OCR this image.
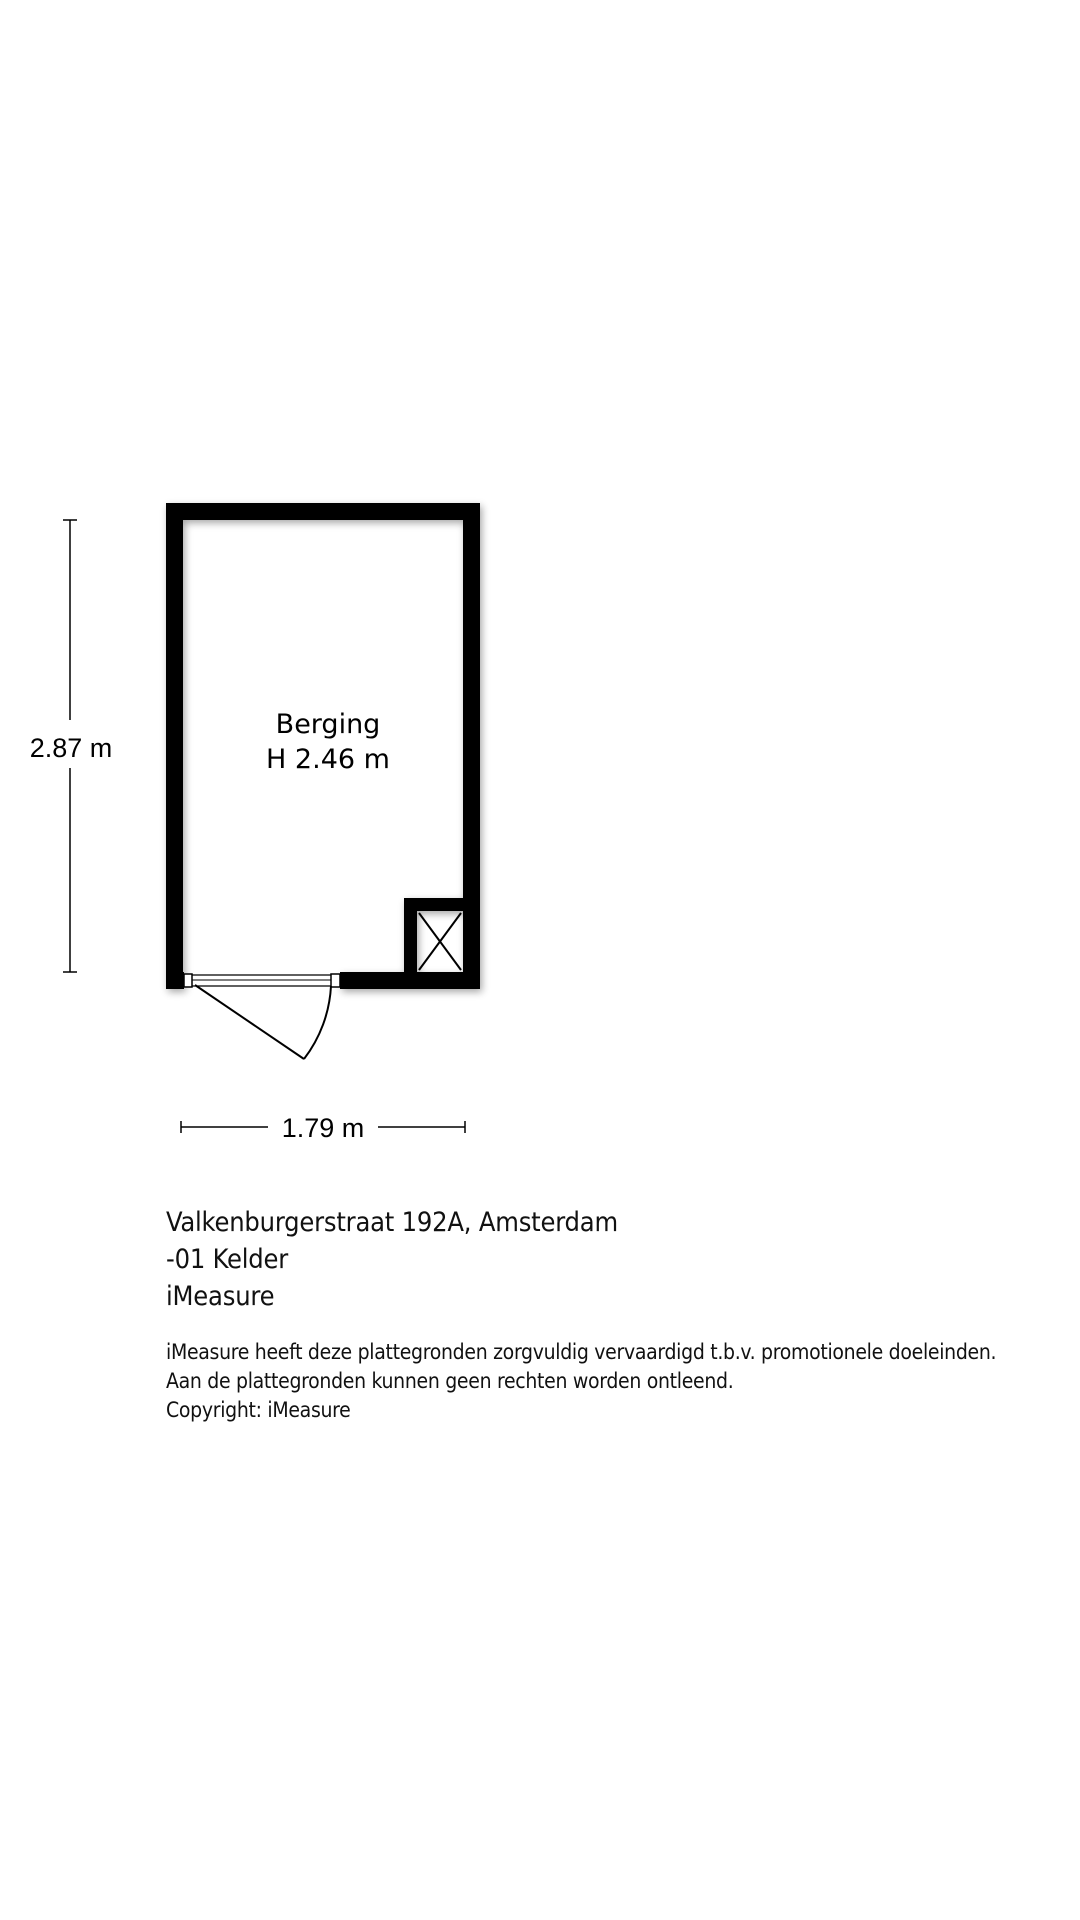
Berging
H 2.46 m
2.87 m
1.79 m
Valkenburgerstraat 192A, Amsterdam
-01 Kelder
iMeasure
iMeasure heeft deze plattegronden zorgvuldig vervaardigd t.b.v. promotionele doeleinden.
Aan de plattegronden kunnen geen rechten worden ontleend.
Copyright: iMeasure
